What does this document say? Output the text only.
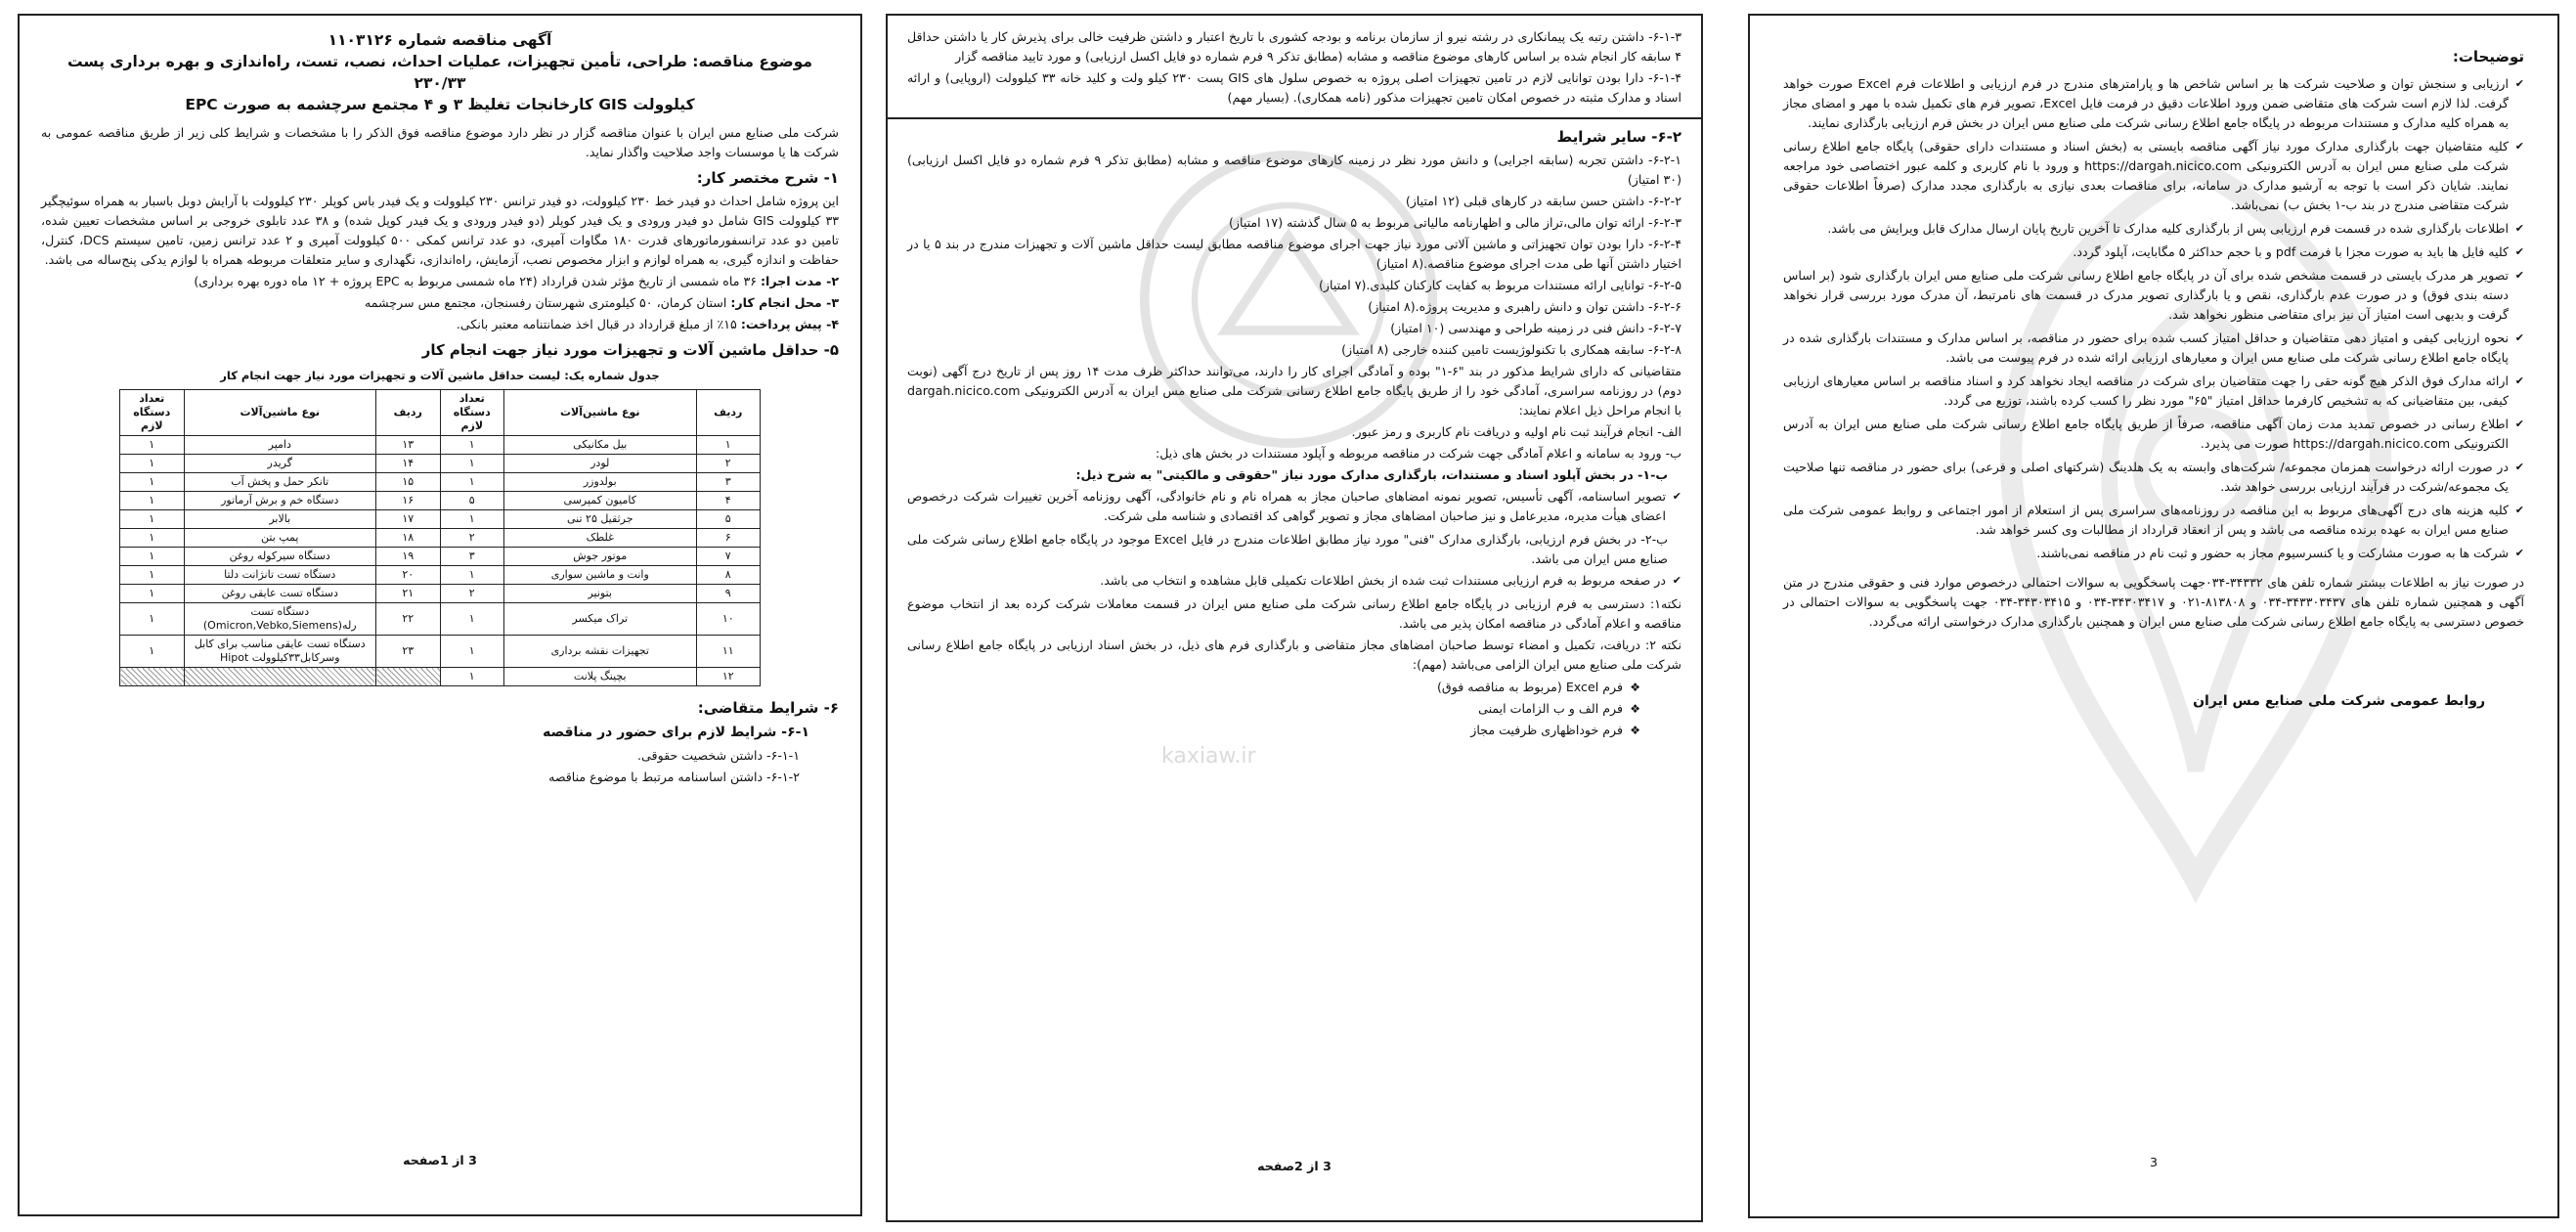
آگهی مناقصه شماره ۱۱۰۳۱۲۶

موضوع مناقصه: طراحی، تأمین تجهیزات، عملیات احداث، نصب، تست، راه‌اندازی و بهره برداری پست ۲۳۰/۳۳

کیلوولت GIS کارخانجات تغلیظ ۳ و ۴ مجتمع سرچشمه به صورت EPC

شرکت ملی صنایع مس ایران با عنوان مناقصه گزار در نظر دارد موضوع مناقصه فوق الذکر را با مشخصات و شرایط کلی زیر از طریق مناقصه عمومی به شرکت ها یا موسسات واجد صلاحیت واگذار نماید.

۱- شرح مختصر کار:

این پروژه شامل احداث دو فیدر خط ۲۳۰ کیلوولت، دو فیدر ترانس ۲۳۰ کیلوولت و یک فیدر باس کوپلر ۲۳۰ کیلوولت با آرایش دوبل باسبار به همراه سوئیچگیر ۳۳ کیلوولت GIS شامل دو فیدر ورودی و یک فیدر کوپلر (دو فیدر ورودی و یک فیدر کوپل شده) و ۳۸ عدد تابلوی خروجی بر اساس مشخصات تعیین شده، تامین دو عدد ترانسفورماتورهای قدرت ۱۸۰ مگاوات آمپری، دو عدد ترانس کمکی ۵۰۰ کیلوولت آمپری و ۲ عدد ترانس زمین، تامین سیستم DCS، کنترل، حفاظت و اندازه گیری، به همراه لوازم و ابزار مخصوص نصب، آزمایش، راه‌اندازی، نگهداری و سایر متعلقات مربوطه همراه با لوازم یدکی پنج‌ساله می باشد.

۲- مدت اجرا: ۳۶ ماه شمسی از تاریخ مؤثر شدن قرارداد (۲۴ ماه شمسی مربوط به EPC پروژه + ۱۲ ماه دوره بهره برداری)

۳- محل انجام کار: استان کرمان، ۵۰ کیلومتری شهرستان رفسنجان، مجتمع مس سرچشمه

۴- پیش پرداخت: ۱۵٪ از مبلغ قرارداد در قبال اخذ ضمانتنامه معتبر بانکی.

۵- حداقل ماشین آلات و تجهیزات مورد نیاز جهت انجام کار

جدول شماره یک: لیست حداقل ماشین آلات و تجهیزات مورد نیاز جهت انجام کار

ردیف	نوع ماشین‌آلات	تعداد دستگاه لازم	ردیف	نوع ماشین‌آلات	تعداد دستگاه لازم
۱	بیل مکانیکی	۱	۱۳	دامپر	۱
۲	لودر	۱	۱۴	گریدر	۱
۳	بولدوزر	۱	۱۵	تانکر حمل و پخش آب	۱
۴	کامیون کمپرسی	۵	۱۶	دستگاه خم و برش آرماتور	۱
۵	جرثقیل ۲۵ تنی	۱	۱۷	بالابر	۱
۶	غلطک	۲	۱۸	پمپ بتن	۱
۷	موتور جوش	۳	۱۹	دستگاه سیرکوله روغن	۱
۸	وانت و ماشین سواری	۱	۲۰	دستگاه تست تانژانت دلتا	۱
۹	بتونیر	۲	۲۱	دستگاه تست عایقی روغن	۱
۱۰	تراک میکسر	۱	۲۲	دستگاه تست رله(Omicron,Vebko,Siemens)	۱
۱۱	تجهیزات نقشه برداری	۱	۲۳	دستگاه تست عایقی مناسب برای کابل وسرکابل۳۳کیلوولت Hipot	۱
۱۲	بچینگ پلانت	۱			

۶- شرایط متقاضی:

۶-۱- شرایط لازم برای حضور در مناقصه

۶-۱-۱- داشتن شخصیت حقوقی.

۶-۱-۲- داشتن اساسنامه مرتبط با موضوع مناقصه

3 از 1صفحه

۶-۱-۳- داشتن رتبه یک پیمانکاری در رشته نیرو از سازمان برنامه و بودجه کشوری با تاریخ اعتبار و داشتن ظرفیت خالی برای پذیرش کار یا داشتن حداقل ۴ سابقه کار انجام شده بر اساس کارهای موضوع مناقصه و مشابه (مطابق تذکر ۹ فرم شماره دو فایل اکسل ارزیابی) و مورد تایید مناقصه گزار

۶-۱-۴- دارا بودن توانایی لازم در تامین تجهیزات اصلی پروژه به خصوص سلول های GIS پست ۲۳۰ کیلو ولت و کلید خانه ۳۳ کیلوولت (اروپایی) و ارائه اسناد و مدارک مثبته در خصوص امکان تامین تجهیزات مذکور (نامه همکاری). (بسیار مهم)

۶-۲- سایر شرایط

۶-۲-۱- داشتن تجربه (سابقه اجرایی) و دانش مورد نظر در زمینه کارهای موضوع مناقصه و مشابه (مطابق تذکر ۹ فرم شماره دو فایل اکسل ارزیابی) (۳۰ امتیاز)

۶-۲-۲- داشتن حسن سابقه در کارهای قبلی (۱۲ امتیاز)

۶-۲-۳- ارائه توان مالی،تراز مالی و اظهارنامه مالیاتی مربوط به ۵ سال گذشته (۱۷ امتیاز)

۶-۲-۴- دارا بودن توان تجهیزاتی و ماشین آلاتی مورد نیاز جهت اجرای موضوع مناقصه مطابق لیست حداقل ماشین آلات و تجهیزات مندرج در بند ۵ یا در اختیار داشتن آنها طی مدت اجرای موضوع مناقصه.(۸ امتیاز)

۶-۲-۵- توانایی ارائه مستندات مربوط به کفایت کارکنان کلیدی.(۷ امتیاز)

۶-۲-۶- داشتن توان و دانش راهبری و مدیریت پروژه.(۸ امتیاز)

۶-۲-۷- دانش فنی در زمینه طراحی و مهندسی (۱۰ امتیاز)

۶-۲-۸- سابقه همکاری با تکنولوژیست تامین کننده خارجی (۸ امتیاز)

متقاضیانی که دارای شرایط مذکور در بند "۶-۱" بوده و آمادگی اجرای کار را دارند، می‌توانند حداکثر ظرف مدت ۱۴ روز پس از تاریخ درج آگهی (نوبت دوم) در روزنامه سراسری، آمادگی خود را از طریق پایگاه جامع اطلاع رسانی شرکت ملی صنایع مس ایران به آدرس الکترونیکی dargah.nicico.com با انجام مراحل ذیل اعلام نمایند:

الف- انجام فرآیند ثبت نام اولیه و دریافت نام کاربری و رمز عبور.

ب- ورود به سامانه و اعلام آمادگی جهت شرکت در مناقصه مربوطه و آپلود مستندات در بخش های ذیل:

ب-۱- در بخش آپلود اسناد و مستندات، بارگذاری مدارک مورد نیاز "حقوقی و مالکیتی" به شرح ذیل:

✔ تصویر اساسنامه، آگهی تأسیس، تصویر نمونه امضاهای صاحبان مجاز به همراه نام و نام خانوادگی، آگهی روزنامه آخرین تغییرات شرکت درخصوص اعضای هیأت مدیره، مدیرعامل و نیز صاحبان امضاهای مجاز و تصویر گواهی کد اقتصادی و شناسه ملی شرکت.

ب-۲- در بخش فرم ارزیابی، بارگذاری مدارک "فنی" مورد نیاز مطابق اطلاعات مندرج در فایل Excel موجود در پایگاه جامع اطلاع رسانی شرکت ملی صنایع مس ایران می باشد.

✔ در صفحه مربوط به فرم ارزیابی مستندات ثبت شده از بخش اطلاعات تکمیلی قابل مشاهده و انتخاب می باشد.

نکته۱: دسترسی به فرم ارزیابی در پایگاه جامع اطلاع رسانی شرکت ملی صنایع مس ایران در قسمت معاملات شرکت کرده بعد از انتخاب موضوع مناقصه و اعلام آمادگی در مناقصه امکان پذیر می باشد.

نکته ۲: دریافت، تکمیل و امضاء توسط صاحبان امضاهای مجاز متقاضی و بارگذاری فرم های ذیل، در بخش اسناد ارزیابی در پایگاه جامع اطلاع رسانی شرکت ملی صنایع مس ایران الزامی می‌باشد (مهم):

❖ فرم Excel (مربوط به مناقصه فوق)

❖ فرم الف و ب الزامات ایمنی

❖ فرم خوداظهاری ظرفیت مجاز

kaxiaw.ir
3 از 2صفحه

توضیحات:

✔ ارزیابی و سنجش توان و صلاحیت شرکت ها بر اساس شاخص ها و پارامترهای مندرج در فرم ارزیابی و اطلاعات فرم Excel صورت خواهد گرفت. لذا لازم است شرکت های متقاضی ضمن ورود اطلاعات دقیق در فرمت فایل Excel، تصویر فرم های تکمیل شده با مهر و امضای مجاز به همراه کلیه مدارک و مستندات مربوطه در پایگاه جامع اطلاع رسانی شرکت ملی صنایع مس ایران در بخش فرم ارزیابی بارگذاری نمایند.

✔ کلیه متقاضیان جهت بارگذاری مدارک مورد نیاز آگهی مناقصه بایستی به (بخش اسناد و مستندات دارای حقوقی) پایگاه جامع اطلاع رسانی شرکت ملی صنایع مس ایران به آدرس الکترونیکی https://dargah.nicico.com و ورود با نام کاربری و کلمه عبور اختصاصی خود مراجعه نمایند. شایان ذکر است با توجه به آرشیو مدارک در سامانه، برای مناقصات بعدی نیازی به بارگذاری مجدد مدارک (صرفاً اطلاعات حقوقی شرکت متقاضی مندرج در بند ب-۱ بخش ب) نمی‌باشد.

✔ اطلاعات بارگذاری شده در قسمت فرم ارزیابی پس از بارگذاری کلیه مدارک تا آخرین تاریخ پایان ارسال مدارک قابل ویرایش می باشد.

✔ کلیه فایل ها باید به صورت مجزا با فرمت pdf و با حجم حداکثر ۵ مگابایت، آپلود گردد.

✔ تصویر هر مدرک بایستی در قسمت مشخص شده برای آن در پایگاه جامع اطلاع رسانی شرکت ملی صنایع مس ایران بارگذاری شود (بر اساس دسته بندی فوق) و در صورت عدم بارگذاری، نقص و یا بارگذاری تصویر مدرک در قسمت های نامرتبط، آن مدرک مورد بررسی قرار نخواهد گرفت و بدیهی است امتیاز آن نیز برای متقاضی منظور نخواهد شد.

✔ نحوه ارزیابی کیفی و امتیاز دهی متقاضیان و حداقل امتیاز کسب شده برای حضور در مناقصه، بر اساس مدارک و مستندات بارگذاری شده در پایگاه جامع اطلاع رسانی شرکت ملی صنایع مس ایران و معیارهای ارزیابی ارائه شده در فرم پیوست می باشد.

✔ ارائه مدارک فوق الذکر هیچ گونه حقی را جهت متقاضیان برای شرکت در مناقصه ایجاد نخواهد کرد و اسناد مناقصه بر اساس معیارهای ارزیابی کیفی، بین متقاضیانی که به تشخیص کارفرما حداقل امتیاز "۶۵" مورد نظر را کسب کرده باشند، توزیع می گردد.

✔ اطلاع رسانی در خصوص تمدید مدت زمان آگهی مناقصه، صرفاً از طریق پایگاه جامع اطلاع رسانی شرکت ملی صنایع مس ایران به آدرس الکترونیکی https://dargah.nicico.com صورت می پذیرد.

✔ در صورت ارائه درخواست همزمان مجموعه/ شرکت‌های وابسته به یک هلدینگ (شرکتهای اصلی و فرعی) برای حضور در مناقصه تنها صلاحیت یک مجموعه/شرکت در فرآیند ارزیابی بررسی خواهد شد.

✔ کلیه هزینه های درج آگهی‌های مربوط به این مناقصه در روزنامه‌های سراسری پس از استعلام از امور اجتماعی و روابط عمومی شرکت ملی صنایع مس ایران به عهده برنده مناقصه می باشد و پس از انعقاد قرارداد از مطالبات وی کسر خواهد شد.

✔ شرکت ها به صورت مشارکت و یا کنسرسیوم مجاز به حضور و ثبت نام در مناقصه نمی‌باشند.

در صورت نیاز به اطلاعات بیشتر شماره تلفن های ۳۴۳۳۲-۰۳۴جهت پاسخگویی به سوالات احتمالی درخصوص موارد فنی و حقوقی مندرج در متن آگهی و همچنین شماره تلفن های ۳۴۳۳۰۳۴۳۷-۰۳۴ و ۸۱۳۸۰۸-۰۲۱ و ۳۴۳۰۳۴۱۷-۰۳۴ و ۳۴۳۰۳۴۱۵-۰۳۴ جهت پاسخگویی به سوالات احتمالی در خصوص دسترسی به پایگاه جامع اطلاع رسانی شرکت ملی صنایع مس ایران و همچنین بارگذاری مدارک درخواستی ارائه می‌گردد.

روابط عمومی شرکت ملی صنایع مس ایران

3
